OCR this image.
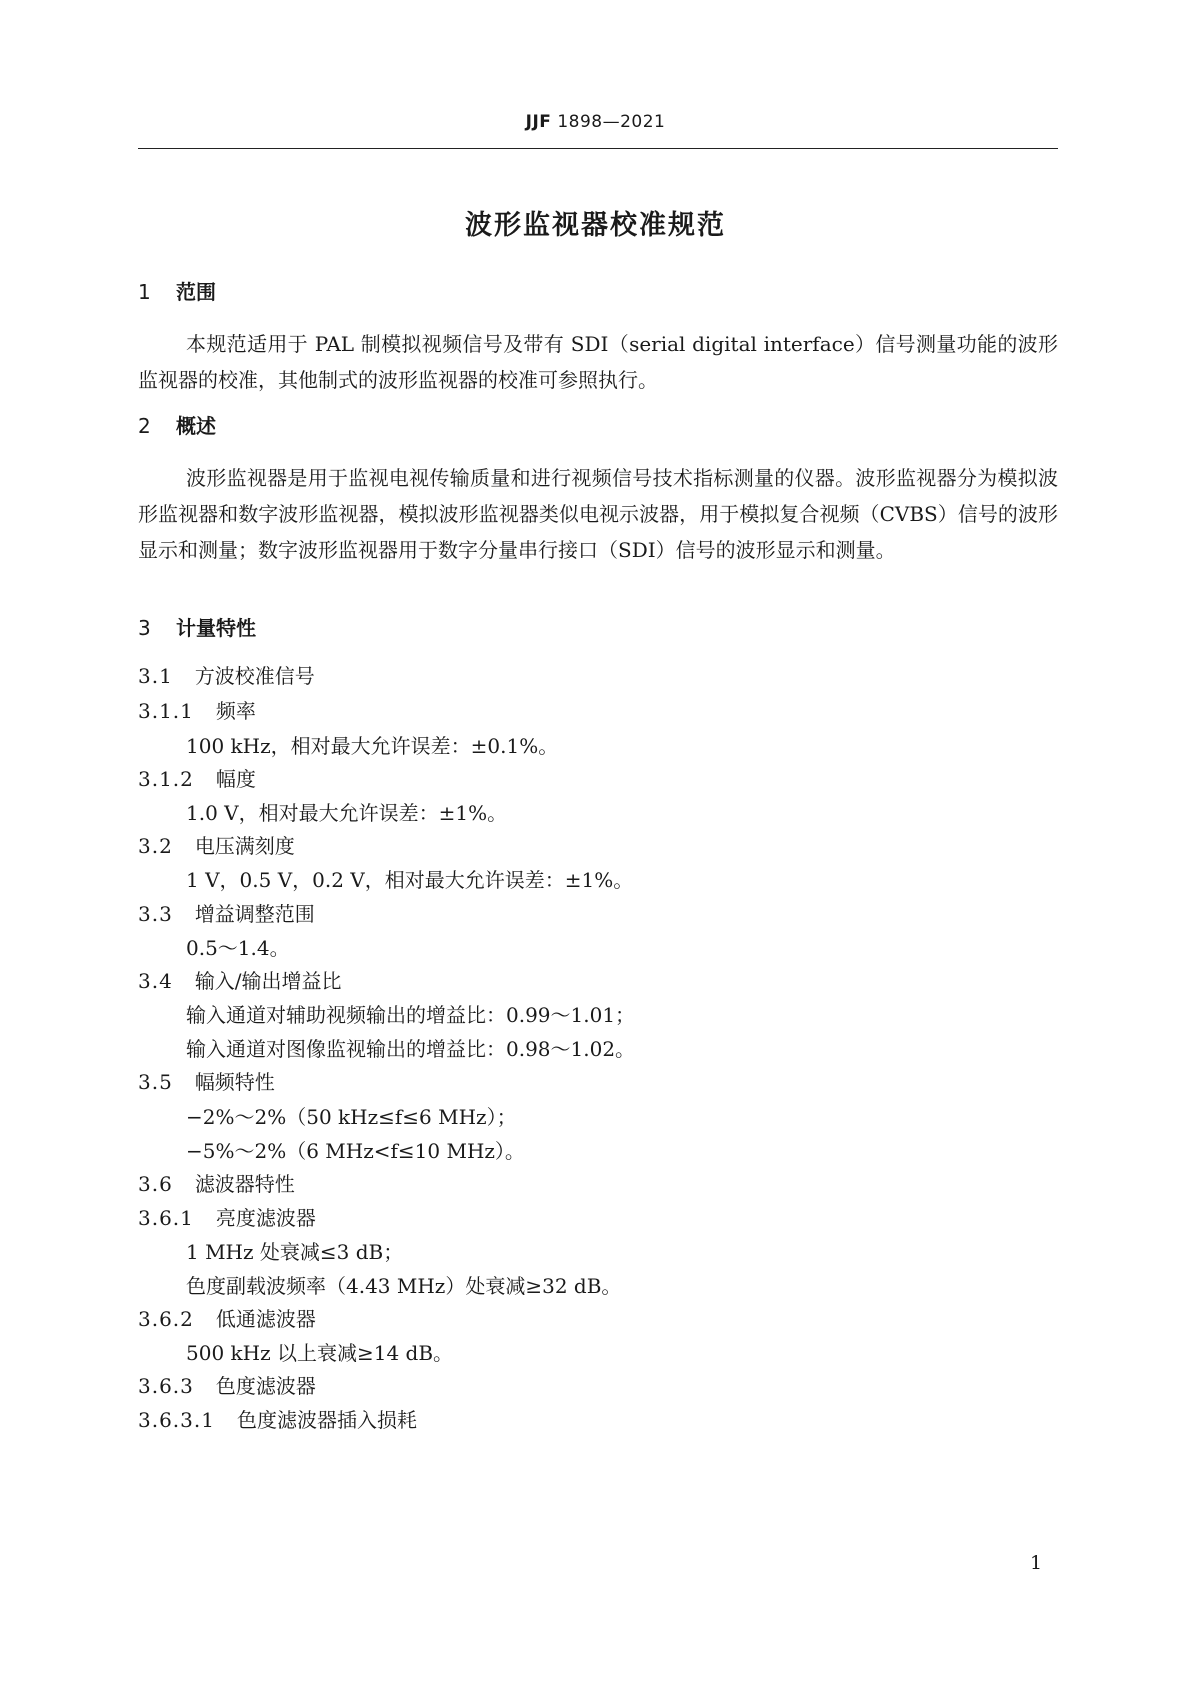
JJF 1898—2021
波形监视器校准规范
1 范围
本规范适用于 PAL 制模拟视频信号及带有 SDI（serial digital interface）信号测量功能的波形监视器的校准，其他制式的波形监视器的校准可参照执行。
2 概述
波形监视器是用于监视电视传输质量和进行视频信号技术指标测量的仪器。波形监视器分为模拟波形监视器和数字波形监视器，模拟波形监视器类似电视示波器，用于模拟复合视频（CVBS）信号的波形显示和测量；数字波形监视器用于数字分量串行接口（SDI）信号的波形显示和测量。
3 计量特性
3.1 方波校准信号
3.1.1 频率
100 kHz，相对最大允许误差：±0.1%。
3.1.2 幅度
1.0 V，相对最大允许误差：±1%。
3.2 电压满刻度
1 V，0.5 V，0.2 V，相对最大允许误差：±1%。
3.3 增益调整范围
0.5～1.4。
3.4 输入/输出增益比
输入通道对辅助视频输出的增益比：0.99～1.01；
输入通道对图像监视输出的增益比：0.98～1.02。
3.5 幅频特性
−2%～2%（50 kHz≤f≤6 MHz）；
−5%～2%（6 MHz<f≤10 MHz）。
3.6 滤波器特性
3.6.1 亮度滤波器
1 MHz 处衰减≤3 dB；
色度副载波频率（4.43 MHz）处衰减≥32 dB。
3.6.2 低通滤波器
500 kHz 以上衰减≥14 dB。
3.6.3 色度滤波器
3.6.3.1 色度滤波器插入损耗
1
